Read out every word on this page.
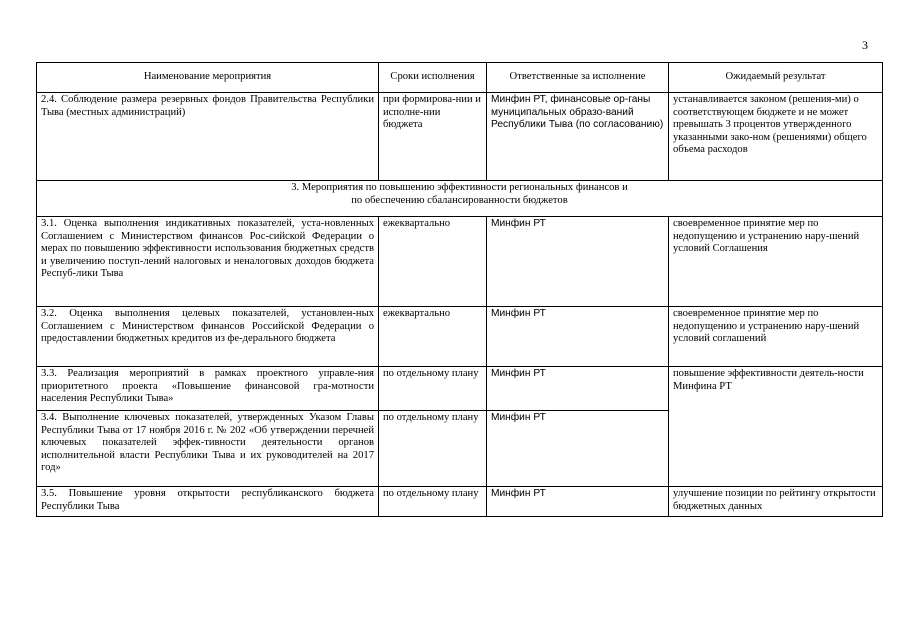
3
Наименование мероприятия	Сроки исполнения	Ответственные за исполнение	Ожидаемый результат
2.4. Соблюдение размера резервных фондов Правительства Республики Тыва (местных администраций)	при формирова-нии и исполне-нии бюджета	Минфин РТ, финансовые ор-ганы муниципальных образо-ваний Республики Тыва (по согласованию)	устанавливается законом (решения-ми) о соответствующем бюджете и не может превышать 3 процентов утвержденного указанными зако-ном (решениями) общего объема расходов

3. Мероприятия по повышению эффективности региональных финансов и
по обеспечению сбалансированности бюджетов			

3.1. Оценка выполнения индикативных показателей, уста-новленных Соглашением с Министерством финансов Рос-сийской Федерации о мерах по повышению эффективности использования бюджетных средств и увеличению поступ-лений налоговых и неналоговых доходов бюджета Респуб-лики Тыва	ежеквартально	Минфин РТ	своевременное принятие мер по недопущению и устранению нару-шений условий Соглашения
3.2. Оценка выполнения целевых показателей, установлен-ных Соглашением с Министерством финансов Российской Федерации о предоставлении бюджетных кредитов из фе-дерального бюджета	ежеквартально	Минфин РТ	своевременное принятие мер по недопущению и устранению нару-шений условий соглашений
3.3. Реализация мероприятий в рамках проектного управле-ния приоритетного проекта «Повышение финансовой гра-мотности населения Республики Тыва»	по отдельному плану	Минфин РТ	повышение эффективности деятель-ности Минфина РТ
3.4. Выполнение ключевых показателей, утвержденных Указом Главы Республики Тыва от 17 ноября 2016 г. № 202 «Об утверждении перечней ключевых показателей эффек-тивности деятельности органов исполнительной власти Республики Тыва и их руководителей на 2017 год»	по отдельному плану	Минфин РТ	
3.5. Повышение уровня открытости республиканского бюджета Республики Тыва	по отдельному плану	Минфин РТ	улучшение позиции по рейтингу открытости бюджетных данных
